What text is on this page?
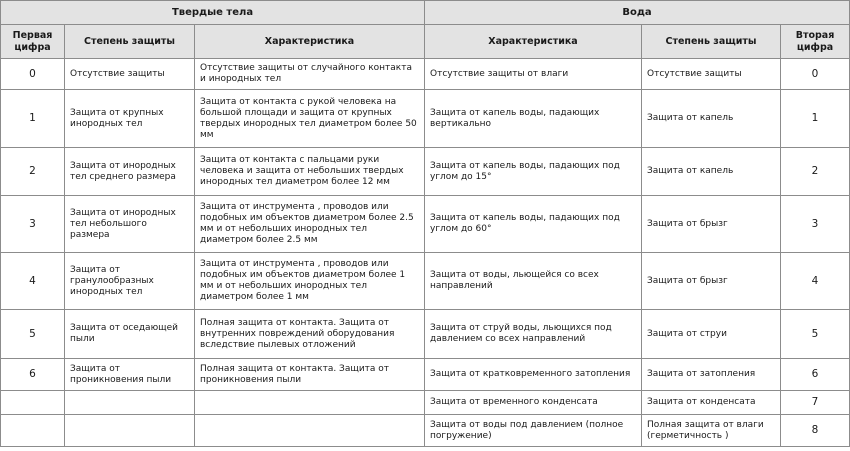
Твердые тела			Вода		
Первая цифра	Степень защиты	Характеристика	Характеристика	Степень защиты	Вторая цифра
0	Отсутствие защиты	Отсутствие защиты от случайного контакта и инородных тел	Отсутствие защиты от влаги	Отсутствие защиты	0
1	Защита от крупных инородных тел	Защита от контакта с рукой человека на большой площади и защита от крупных твердых инородных тел диаметром более 50 мм	Защита от капель воды, падающих вертикально	Защита от капель	1
2	Защита от инородных тел среднего размера	Защита от контакта с пальцами руки человека и защита от небольших твердых инородных тел диаметром более 12 мм	Защита от капель воды, падающих под углом до 15°	Защита от капель	2
3	Защита от инородных тел небольшого размера	Защита от инструмента , проводов или подобных им объектов диаметром более 2.5 мм и от небольших инородных тел диаметром более 2.5 мм	Защита от капель воды, падающих под углом до 60°	Защита от брызг	3
4	Защита от гранулообразных инородных тел	Защита от инструмента , проводов или подобных им объектов диаметром более 1 мм и от небольших инородных тел диаметром более 1 мм	Защита от воды, льющейся со всех направлений	Защита от брызг	4
5	Защита от оседающей пыли	Полная защита от контакта. Защита от внутренних повреждений оборудования вследствие пылевых отложений	Защита от струй воды, льющихся под давлением со всех направлений	Защита от струи	5
6	Защита от проникновения пыли	Полная защита от контакта. Защита от проникновения пыли	Защита от кратковременного затопления	Защита от затопления	6
			Защита от временного конденсата	Защита от конденсата	7
			Защита от воды под давлением (полное погружение)	Полная защита от влаги (герметичность )	8
